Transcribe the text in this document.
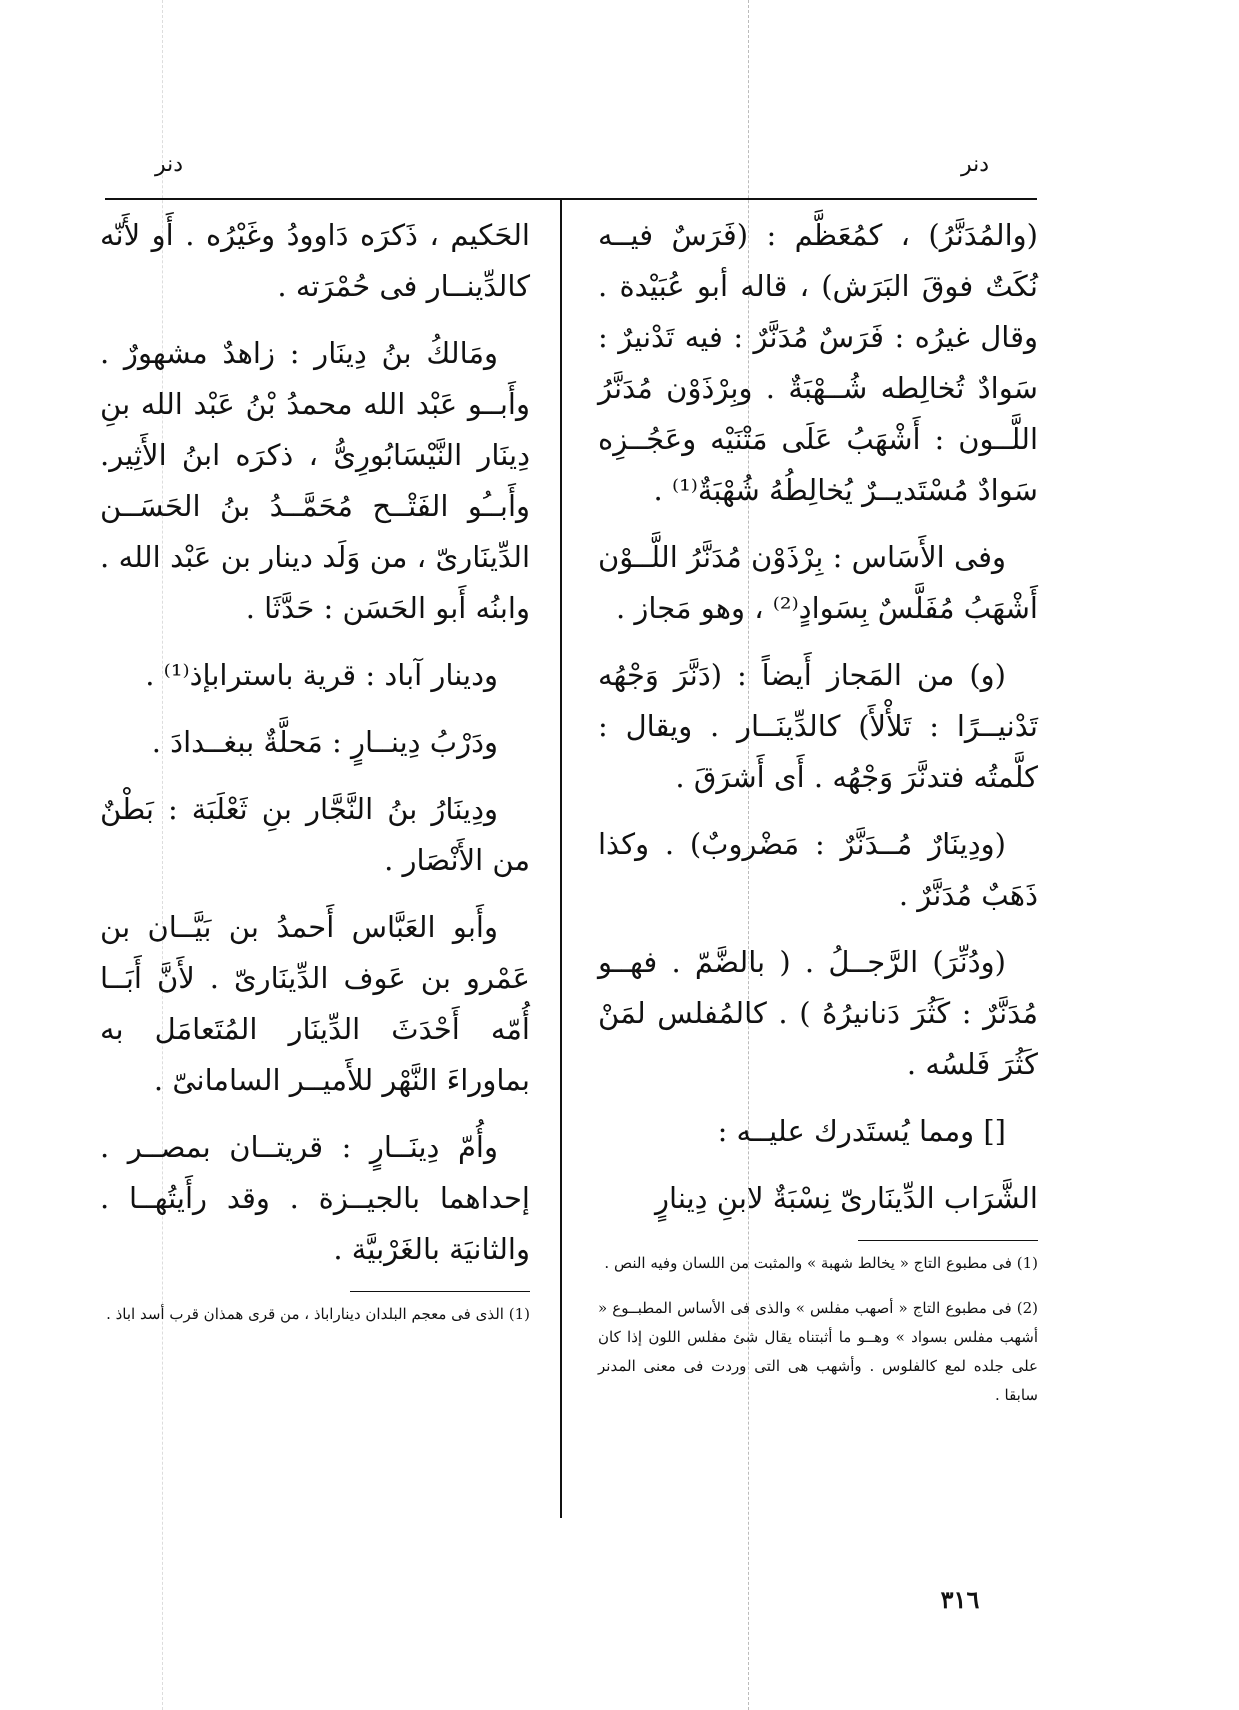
دنر
دنر

(والمُدَنَّرُ) ، كمُعَظَّم : (فَرَسٌ فيــه نُكَتٌ فوقَ البَرَش) ، قاله أبو عُبَيْدة . وقال غيرُه : فَرَسٌ مُدَنَّرٌ : فيه تَدْنيرٌ : سَوادٌ تُخالِطه شُــهْبَةٌ . وبِرْذَوْن مُدَنَّرُ اللَّــون : أَشْهَبُ عَلَى مَتْنَيْه وعَجُــزِه سَوادٌ مُسْتَديــرٌ يُخالِطُهُ شُهْبَةٌ⁽¹⁾ .

وفى الأَسَاس : بِرْذَوْن مُدَنَّرُ اللَّــوْن أَشْهَبُ مُفَلَّسٌ بِسَوادٍ⁽²⁾ ، وهو مَجاز .

(و) من المَجاز أَيضاً : (دَنَّرَ وَجْهُه تَدْنيــرًا : تَلأْلأَ) كالدِّينَــار . ويقال : كلَّمتُه فتدنَّرَ وَجْهُه . أَى أَشرَقَ .

(ودِينَارٌ مُــدَنَّرٌ : مَضْروبٌ) . وكذا ذَهَبٌ مُدَنَّرٌ .

(ودُنِّرَ) الرَّجــلُ . ( بالضَّمّ . فهــو مُدَنَّرٌ : كَثُرَ دَنانيرُهُ ) . كالمُفلس لمَنْ كَثُرَ فَلسُه .

[] ومما يُستَدرك عليــه :

الشَّرَاب الدِّينَارىّ نِسْبَةٌ لابنِ دِينارٍ

(1) فى مطبوع التاج « يخالط شهبة » والمثبت من اللسان وفيه النص .

(2) فى مطبوع التاج « أصهب مفلس » والذى فى الأساس المطبــوع « أشهب مفلس بسواد » وهــو ما أثبتناه يقال شئ مفلس اللون إذا كان على جلده لمع كالفلوس . وأشهب هى التى وردت فى معنى المدنر سابقا .

الحَكيم ، ذَكرَه دَاوودُ وغَيْرُه . أَو لأَنّه كالدِّينــار فى حُمْرَته .

ومَالكُ بنُ دِينَار : زاهدٌ مشهورٌ . وأَبــو عَبْد الله محمدُ بْنُ عَبْد الله بنِ دِينَار النَّيْسَابُورِىُّ ، ذكرَه ابنُ الأَثِير. وأَبــُو الفَتْــح مُحَمَّــدُ بنُ الحَسَــن الدِّينَارىّ ، من وَلَد دينار بن عَبْد الله . وابنُه أَبو الحَسَن : حَدَّثَا .

ودينار آباد : قرية باسترابإذ⁽¹⁾ .

ودَرْبُ دِينــارٍ : مَحلَّةٌ ببغــدادَ .

ودِينَارُ بنُ النَّجَّار بنِ ثَعْلَبَة : بَطْنٌ من الأَنْصَار .

وأَبو العَبَّاس أَحمدُ بن بَيَّــان بن عَمْرو بن عَوف الدِّينَارىّ . لأَنَّ أَبَــا أُمّه أَحْدَثَ الدِّينَار المُتَعامَل به بماوراءَ النَّهْر للأَميــر السامانىّ .

وأُمّ دِينَــارٍ : قريتــان بمصــر . إحداهما بالجيــزة . وقد رأَيتُهــا . والثانيَة بالغَرْبيَّة .

(1) الذى فى معجم البلدان ديناراباذ ، من قرى همذان قرب أسد اباذ .

٣١٦
